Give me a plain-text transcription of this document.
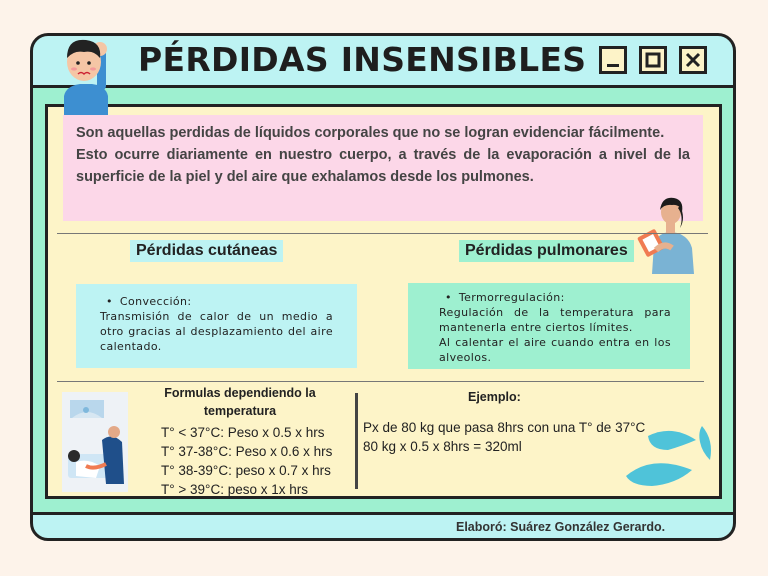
PÉRDIDAS INSENSIBLES

Son aquellas perdidas de líquidos corporales que no se logran evidenciar fácilmente.

Esto ocurre diariamente en nuestro cuerpo, a través de la evaporación a nivel de la superficie de la piel y del aire que exhalamos desde los pulmones.

Pérdidas cutáneas	Pérdidas pulmonares
• Convección:
Transmisión de calor de un medio a otro gracias al desplazamiento del aire calentado.
• Termorregulación:
Regulación de la temperatura para mantenerla entre ciertos límites.
Al calentar el aire cuando entra en los alveolos.
Formulas dependiendo la temperatura
T° < 37°C: Peso x 0.5 x hrs
T° 37-38°C: Peso x 0.6 x hrs
T° 38-39°C: peso x 0.7 x hrs
T° > 39°C: peso x 1x hrs
Ejemplo:
Px de 80 kg que pasa 8hrs con una T° de 37°C
80 kg x 0.5 x 8hrs = 320ml
Elaboró: Suárez González Gerardo.
